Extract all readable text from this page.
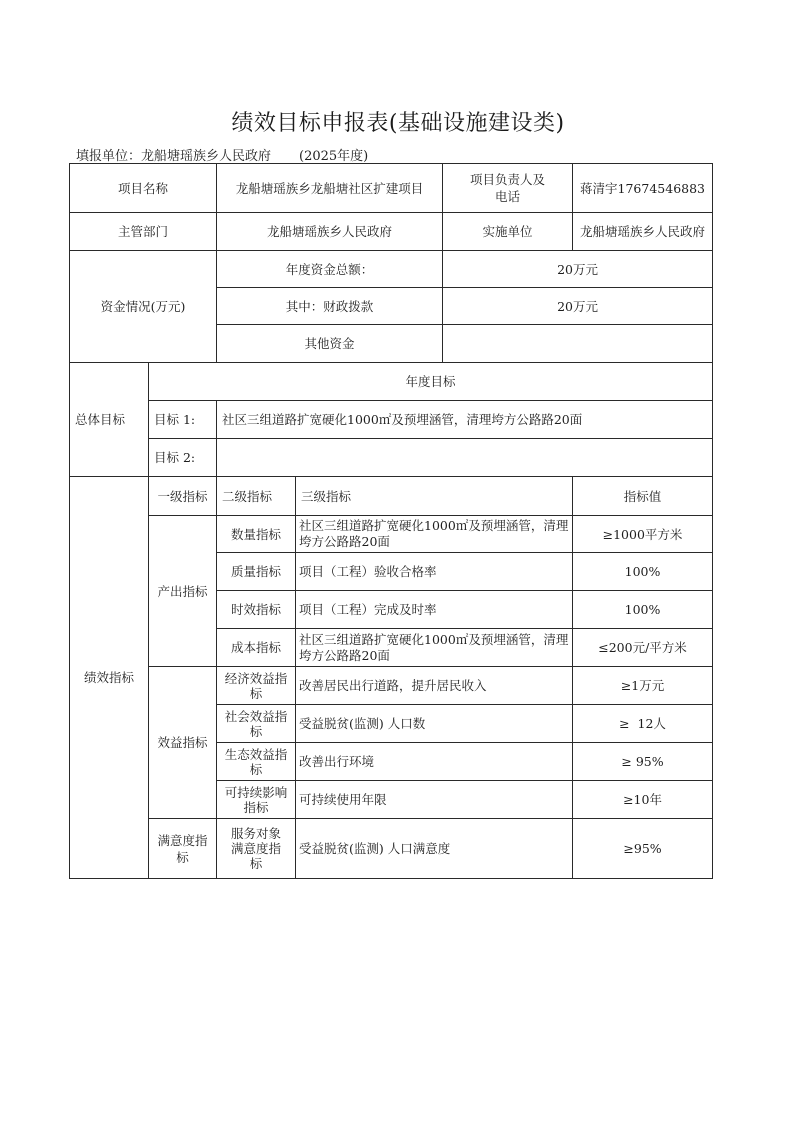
绩效目标申报表(基础设施建设类)
填报单位：龙船塘瑶族乡人民政府 (2025年度)
项目名称		龙船塘瑶族乡龙船塘社区扩建项目		项目负责人及电话	蒋清宇17674546883
主管部门		龙船塘瑶族乡人民政府		实施单位	龙船塘瑶族乡人民政府
资金情况(万元)		年度资金总额：		20万元	
		其中：财政拨款		20万元	
		其他资金			
总体目标	年度目标				
	目标 1:	社区三组道路扩宽硬化1000㎡及预埋涵管，清理垮方公路路20面			
	目标 2:				
绩效指标	一级指标	二级指标	三级指标		指标值
	产出指标	数量指标	社区三组道路扩宽硬化1000㎡及预埋涵管，清理垮方公路路20面		≥1000平方米
		质量指标	项目（工程）验收合格率		100%
		时效指标	项目（工程）完成及时率		100%
		成本指标	社区三组道路扩宽硬化1000㎡及预埋涵管，清理垮方公路路20面		≤200元/平方米
	效益指标	经济效益指标	改善居民出行道路，提升居民收入		≥1万元

		社会效益指标	受益脱贫(监测) 人口数		≥  12人

		生态效益指标	改善出行环境		≥ 95%

		可持续影响指标	可持续使用年限		≥10年

	满意度指标	服务对象满意度指标	受益脱贫(监测) 人口满意度		≥95%
